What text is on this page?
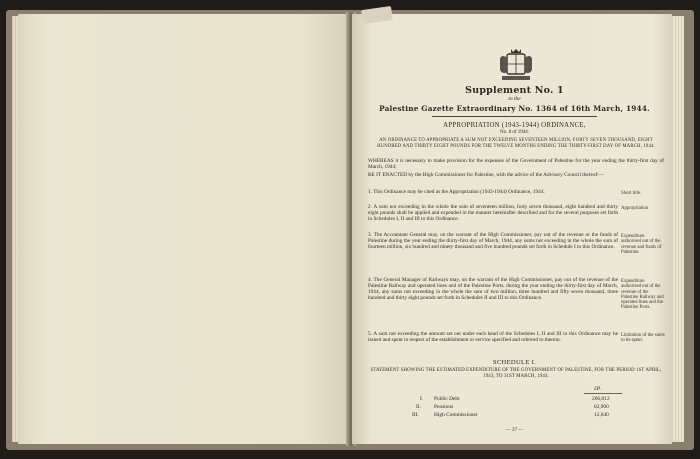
Supplement No. 1
to the
Palestine Gazette Extraordinary No. 1364 of 16th March, 1944.
APPROPRIATION (1943-1944) ORDINANCE,
No. 8 of 1944.
AN ORDINANCE TO APPROPRIATE A SUM NOT EXCEEDING SEVENTEEN MILLION, FORTY SEVEN THOUSAND, EIGHT HUNDRED AND THIRTY EIGHT POUNDS FOR THE TWELVE MONTHS ENDING THE THIRTY-FIRST DAY OF MARCH, 1944.
WHEREAS it is necessary to make provision for the expenses of the Government of Palestine for the year ending the thirty-first day of March, 1944;
BE IT ENACTED by the High Commissioner for Palestine, with the advice of the Advisory Council thereof:—
1. This Ordinance may be cited as the Appropriation (1943-1944) Ordinance, 1944.	Short title.
2. A sum not exceeding in the whole the sum of seventeen million, forty seven thousand, eight hundred and thirty eight pounds shall be applied and expended in the manner hereinafter described and for the several purposes set forth in Schedules I, II and III to this Ordinance.
Appropriation
3. The Accountant General may, on the warrant of the High Commissioner, pay out of the revenue or the funds of Palestine during the year ending the thirty-first day of March, 1944, any sums not exceeding in the whole the sum of fourteen million, six hundred and ninety thousand and five hundred pounds set forth in Schedule I to this Ordinance.
Expenditure authorised out of the revenue and funds of Palestine.
4. The General Manager of Railways may, on the warrant of the High Commissioner, pay out of the revenue of the Palestine Railway and operated lines and of the Palestine Ports, during the year ending the thirty-first day of March, 1944, any sums not exceeding in the whole the sum of two million, three hundred and fifty seven thousand, three hundred and thirty eight pounds set forth in Schedules II and III to this Ordinance.
Expenditure authorised out of the revenue of the Palestine Railway and operated lines and the Palestine Ports.
5. A sum not exceeding the amount set out under each head of the Schedules I, II and III to this Ordinance may be issued and spent in respect of the establishment or service specified and referred to therein.
Limitation of the sums to be spent.
SCHEDULE I.
STATEMENT SHOWING THE ESTIMATED EXPENDITURE OF THE GOVERNMENT OF PALESTINE, FOR THE PERIOD 1ST APRIL, 1943, TO 31ST MARCH, 1944.
£P.
I. Public Debt	206,812
II. Pensions	82,900
III.	High Commissioner	12,640
— 37 —
